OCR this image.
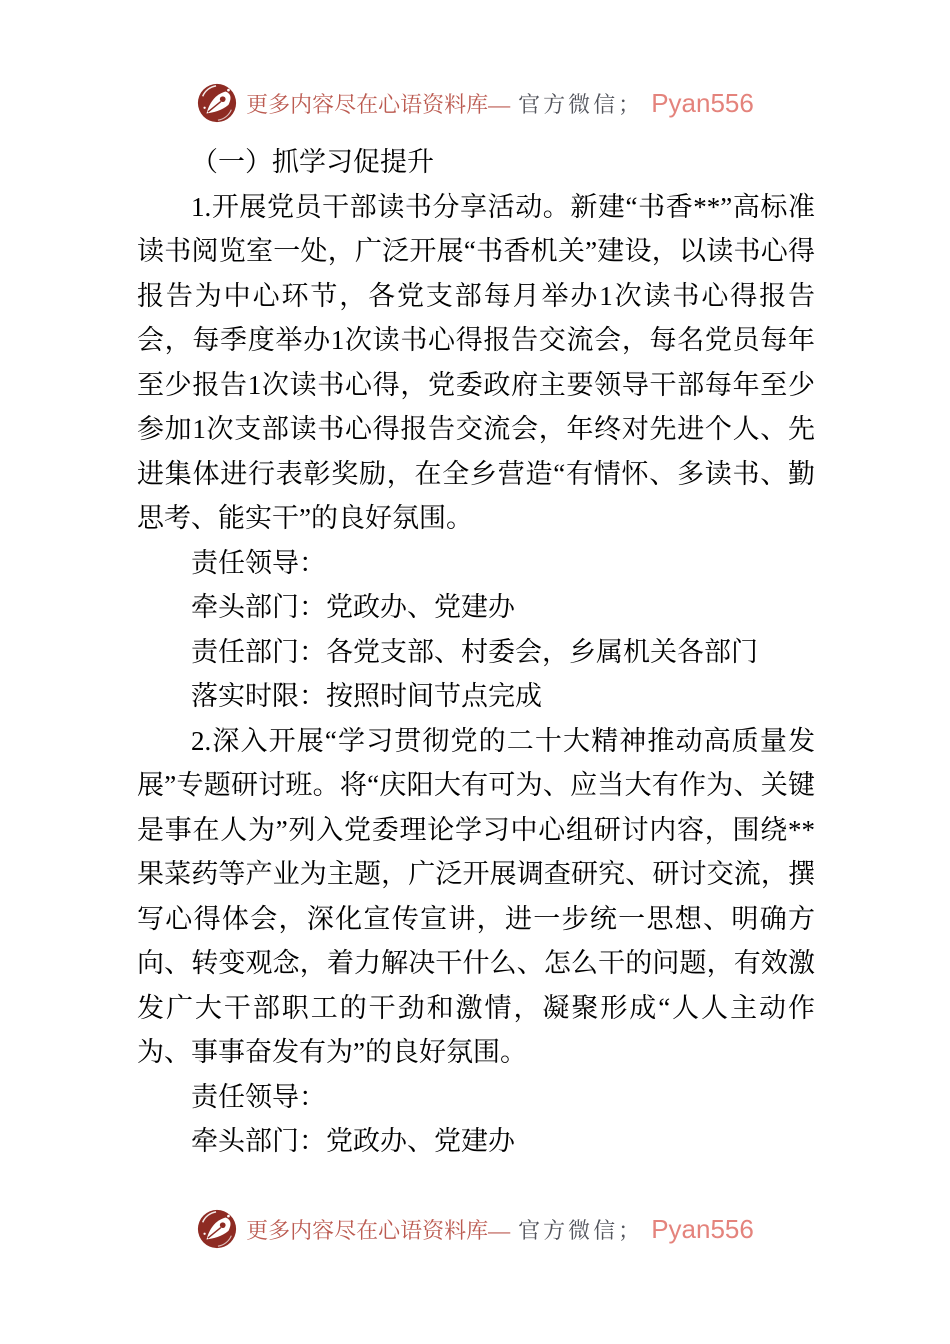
更多内容尽在心语资料库— 官方微信； Pyan556

（一）抓学习促提升

1.开展党员干部读书分享活动。新建“书香**”高标准读书阅览室一处，广泛开展“书香机关”建设，以读书心得报告为中心环节，各党支部每月举办1次读书心得报告会，每季度举办1次读书心得报告交流会，每名党员每年至少报告1次读书心得，党委政府主要领导干部每年至少参加1次支部读书心得报告交流会，年终对先进个人、先进集体进行表彰奖励，在全乡营造“有情怀、多读书、勤思考、能实干”的良好氛围。

责任领导：

牵头部门：党政办、党建办

责任部门：各党支部、村委会，乡属机关各部门

落实时限：按照时间节点完成

2.深入开展“学习贯彻党的二十大精神推动高质量发展”专题研讨班。将“庆阳大有可为、应当大有作为、关键是事在人为”列入党委理论学习中心组研讨内容，围绕**果菜药等产业为主题，广泛开展调查研究、研讨交流，撰写心得体会，深化宣传宣讲，进一步统一思想、明确方向、转变观念，着力解决干什么、怎么干的问题，有效激发广大干部职工的干劲和激情，凝聚形成“人人主动作为、事事奋发有为”的良好氛围。

责任领导：

牵头部门：党政办、党建办

更多内容尽在心语资料库— 官方微信； Pyan556
